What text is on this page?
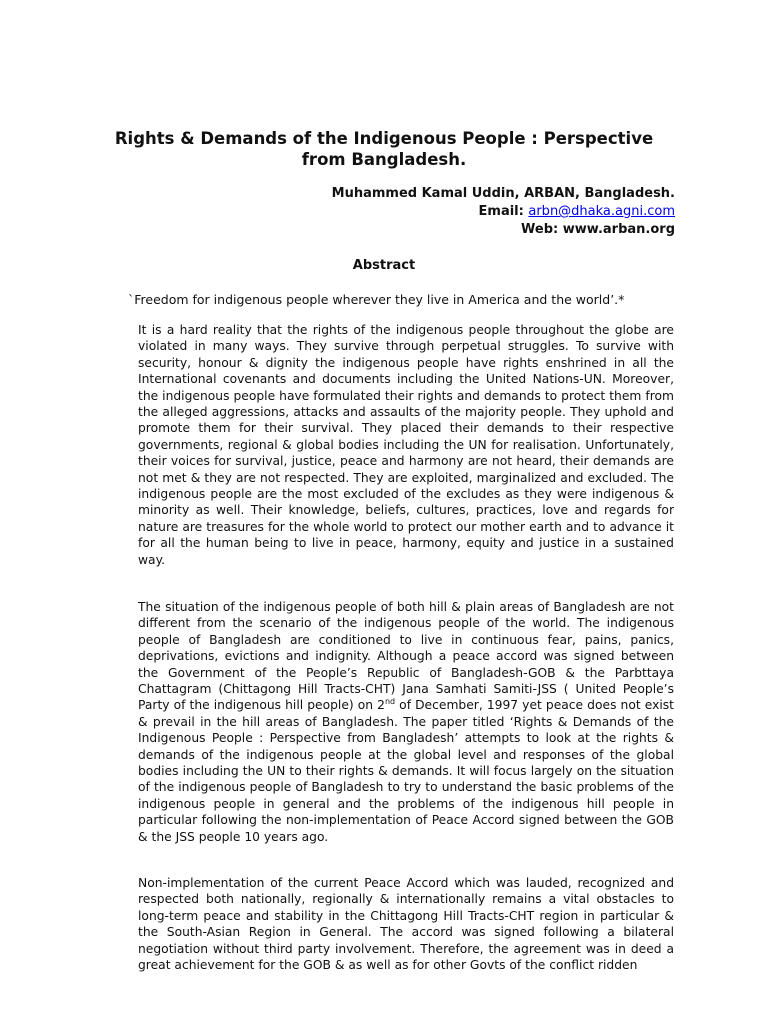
Rights & Demands of the Indigenous People : Perspective from Bangladesh.
Muhammed Kamal Uddin, ARBAN, Bangladesh.
Email: arbn@dhaka.agni.com
Web: www.arban.org
Abstract

`Freedom for indigenous people wherever they live in America and the world’.*

It is a hard reality that the rights of the indigenous people throughout the globe are violated in many ways. They survive through perpetual struggles. To survive with security, honour & dignity the indigenous people have rights enshrined in all the International covenants and documents including the United Nations-UN. Moreover, the indigenous people have formulated their rights and demands to protect them from the alleged aggressions, attacks and assaults of the majority people. They uphold and promote them for their survival. They placed their demands to their respective governments, regional & global bodies including the UN for realisation. Unfortunately, their voices for survival, justice, peace and harmony are not heard, their demands are not met & they are not respected. They are exploited, marginalized and excluded. The indigenous people are the most excluded of the excludes as they were indigenous & minority as well. Their knowledge, beliefs, cultures, practices, love and regards for nature are treasures for the whole world to protect our mother earth and to advance it for all the human being to live in peace, harmony, equity and justice in a sustained way.

The situation of the indigenous people of both hill & plain areas of Bangladesh are not different from the scenario of the indigenous people of the world. The indigenous people of Bangladesh are conditioned to live in continuous fear, pains, panics, deprivations, evictions and indignity. Although a peace accord was signed between the Government of the People’s Republic of Bangladesh-GOB & the Parbttaya Chattagram (Chittagong Hill Tracts-CHT) Jana Samhati Samiti-JSS ( United People’s Party of the indigenous hill people) on 2nd of December, 1997 yet peace does not exist & prevail in the hill areas of Bangladesh. The paper titled ‘Rights & Demands of the Indigenous People : Perspective from Bangladesh’ attempts to look at the rights & demands of the indigenous people at the global level and responses of the global bodies including the UN to their rights & demands. It will focus largely on the situation of the indigenous people of Bangladesh to try to understand the basic problems of the indigenous people in general and the problems of the indigenous hill people in particular following the non-implementation of Peace Accord signed between the GOB & the JSS people 10 years ago.

Non-implementation of the current Peace Accord which was lauded, recognized and respected both nationally, regionally & internationally remains a vital obstacles to long-term peace and stability in the Chittagong Hill Tracts-CHT region in particular & the South-Asian Region in General. The accord was signed following a bilateral negotiation without third party involvement. Therefore, the agreement was in deed a great achievement for the GOB & as well as for other Govts of the conflict ridden
